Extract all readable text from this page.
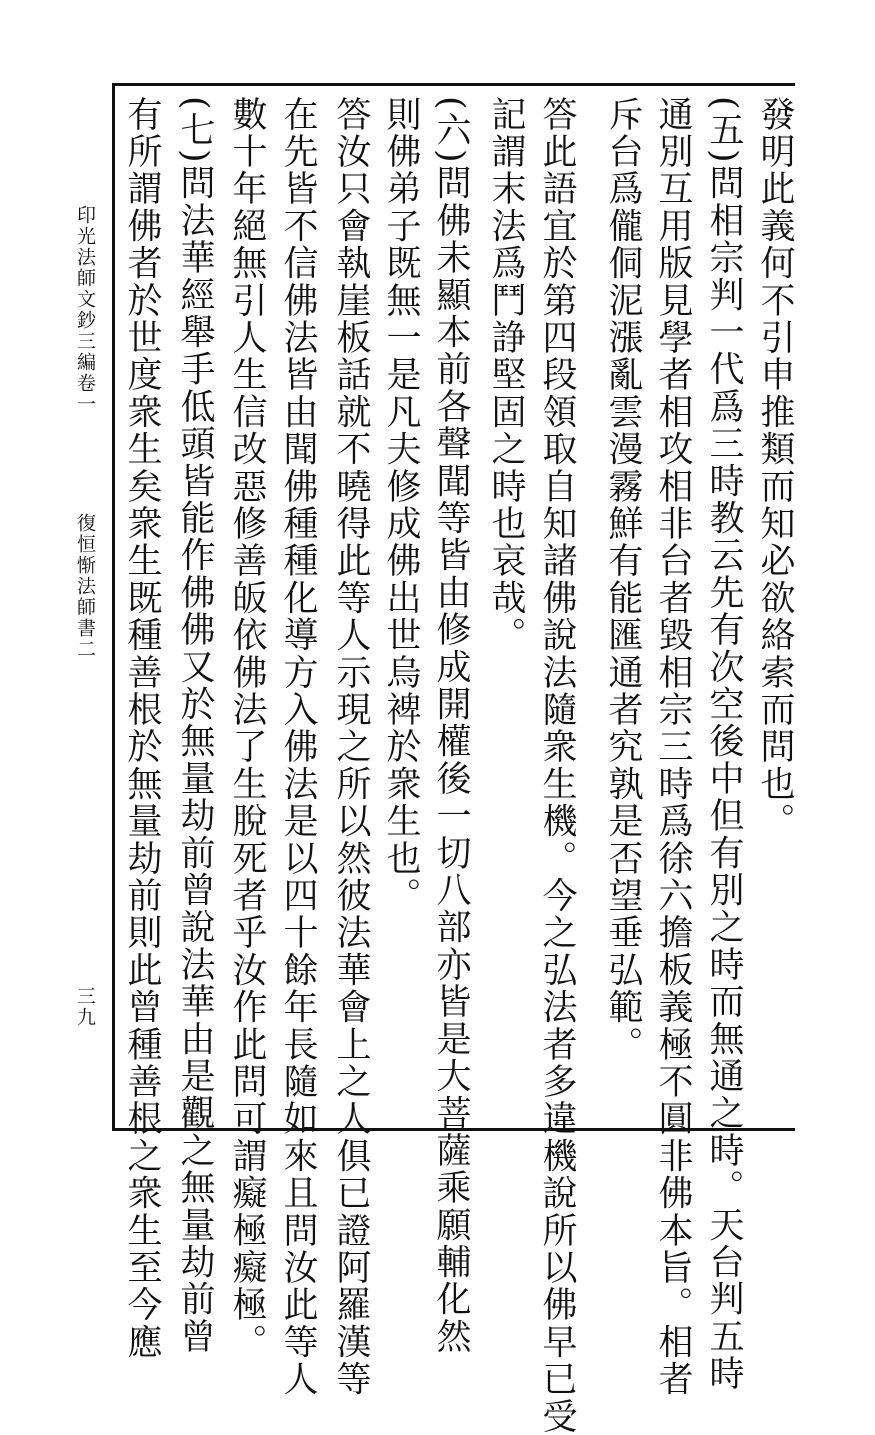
印光法師文鈔三編卷一
復恒惭法師書二
三九
發明此義何不引申推類而知必欲絡索而問也。
(五)問相宗判一代爲三時教云先有次空後中但有別之時而無通之時。天台判五時
通別互用版見學者相攻相非台者毀相宗三時爲徐六擔板義極不圓非佛本旨。相者
斥台爲儱侗泥漲亂雲漫霧鮮有能匯通者究孰是否望垂弘範。
答此語宜於第四段領取自知諸佛說法隨衆生機。今之弘法者多違機說所以佛早已受
記謂末法爲鬥諍堅固之時也哀哉。
(六)問佛未顯本前各聲聞等皆由修成開權後一切八部亦皆是大菩薩乘願輔化然
則佛弟子既無一是凡夫修成佛出世烏裨於衆生也。
答汝只會執崖板話就不曉得此等人示現之所以然彼法華會上之人俱已證阿羅漢等
在先皆不信佛法皆由聞佛種種化導方入佛法是以四十餘年長隨如來且問汝此等人
數十年絕無引人生信改惡修善皈依佛法了生脫死者乎汝作此問可謂癡極癡極。
(七)問法華經舉手低頭皆能作佛佛又於無量劫前曾說法華由是觀之無量劫前曾
有所謂佛者於世度衆生矣衆生既種善根於無量劫前則此曾種善根之衆生至今應
